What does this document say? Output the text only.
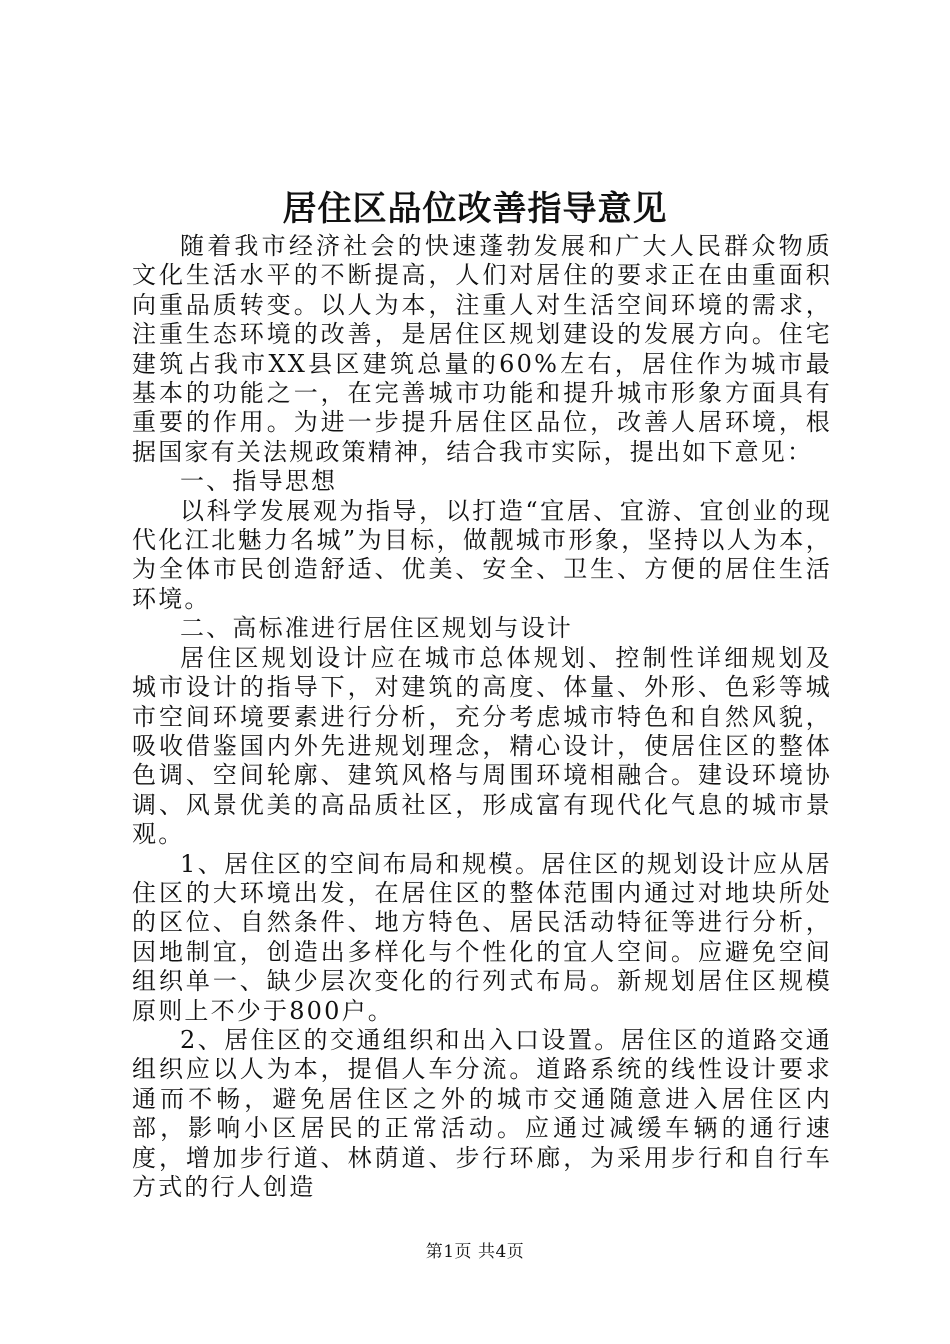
居住区品位改善指导意见

随着我市经济社会的快速蓬勃发展和广大人民群众物质文化生活水平的不断提高，人们对居住的要求正在由重面积向重品质转变。以人为本，注重人对生活空间环境的需求，注重生态环境的改善，是居住区规划建设的发展方向。住宅建筑占我市XX县区建筑总量的60%左右，居住作为城市最基本的功能之一，在完善城市功能和提升城市形象方面具有重要的作用。为进一步提升居住区品位，改善人居环境，根据国家有关法规政策精神，结合我市实际，提出如下意见：

一、指导思想

以科学发展观为指导，以打造“宜居、宜游、宜创业的现代化江北魅力名城”为目标，做靓城市形象，坚持以人为本，为全体市民创造舒适、优美、安全、卫生、方便的居住生活环境。

二、高标准进行居住区规划与设计

居住区规划设计应在城市总体规划、控制性详细规划及城市设计的指导下，对建筑的高度、体量、外形、色彩等城市空间环境要素进行分析，充分考虑城市特色和自然风貌，吸收借鉴国内外先进规划理念，精心设计，使居住区的整体色调、空间轮廓、建筑风格与周围环境相融合。建设环境协调、风景优美的高品质社区，形成富有现代化气息的城市景观。

1、居住区的空间布局和规模。居住区的规划设计应从居住区的大环境出发，在居住区的整体范围内通过对地块所处的区位、自然条件、地方特色、居民活动特征等进行分析，因地制宜，创造出多样化与个性化的宜人空间。应避免空间组织单一、缺少层次变化的行列式布局。新规划居住区规模原则上不少于800户。

2、居住区的交通组织和出入口设置。居住区的道路交通组织应以人为本，提倡人车分流。道路系统的线性设计要求通而不畅，避免居住区之外的城市交通随意进入居住区内部，影响小区居民的正常活动。应通过减缓车辆的通行速度，增加步行道、林荫道、步行环廊，为采用步行和自行车方式的行人创造

第1页 共4页
